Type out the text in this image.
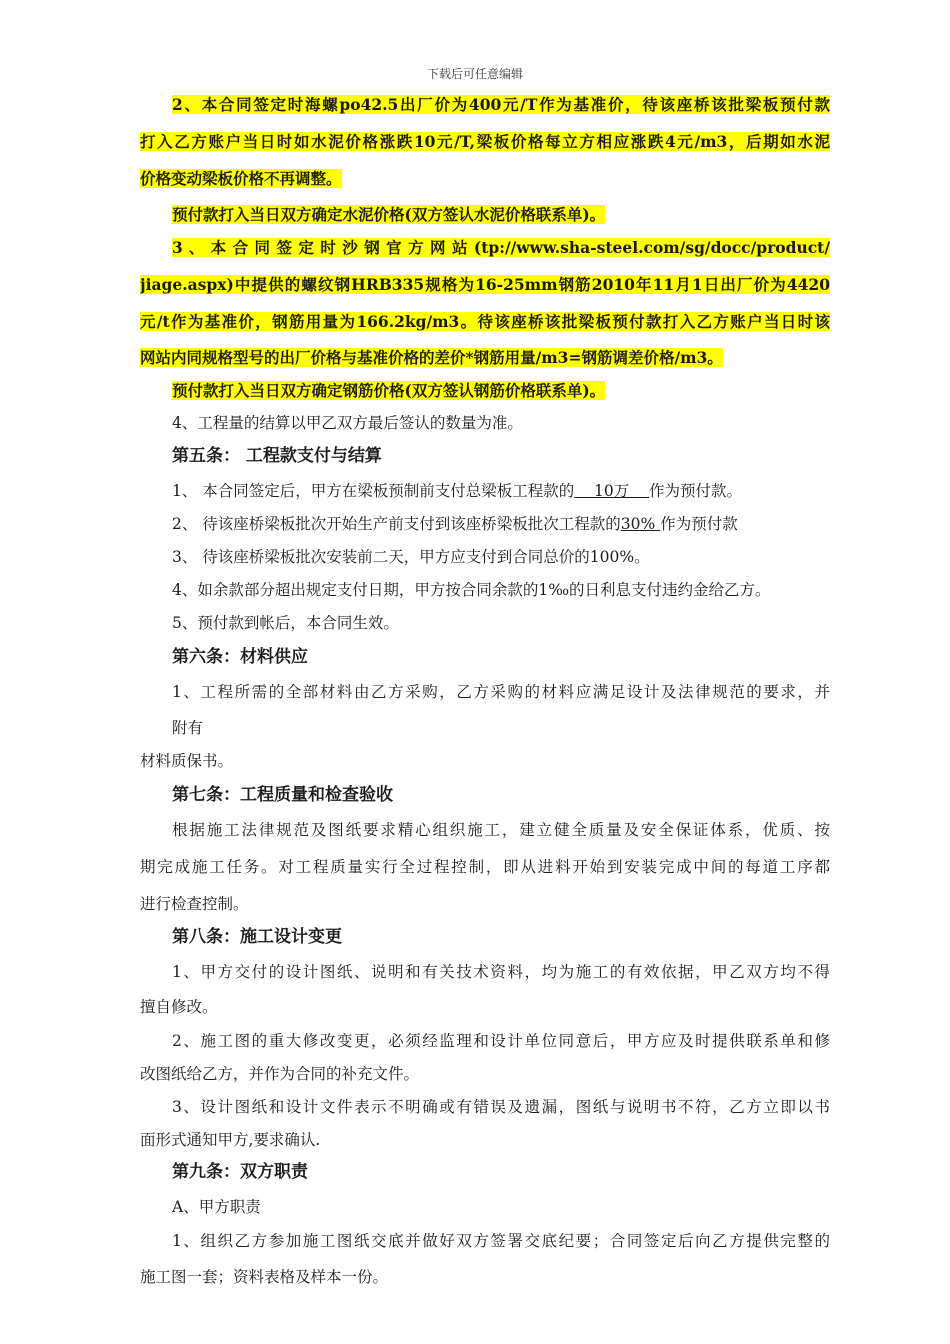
下载后可任意编辑
2、本合同签定时海螺po42.5出厂价为400元/T作为基准价，待该座桥该批梁板预付款
打入乙方账户当日时如水泥价格涨跌10元/T,梁板价格每立方相应涨跌4元/m3，后期如水泥
价格变动梁板价格不再调整。
预付款打入当日双方确定水泥价格(双方签认水泥价格联系单)。
3 、 本 合 同 签 定 时 沙 钢 官 方 网 站 (tp://www.sha-steel.com/sg/docc/product/
jiage.aspx)中提供的螺纹钢HRB335规格为16-25mm钢筋2010年11月1日出厂价为4420
元/t作为基准价，钢筋用量为166.2kg/m3。待该座桥该批梁板预付款打入乙方账户当日时该
网站内同规格型号的出厂价格与基准价格的差价*钢筋用量/m3=钢筋调差价格/m3。
预付款打入当日双方确定钢筋价格(双方签认钢筋价格联系单)。
4、工程量的结算以甲乙双方最后签认的数量为准。
第五条： 工程款支付与结算
1、 本合同签定后，甲方在梁板预制前支付总梁板工程款的    10万    作为预付款。
2、 待该座桥梁板批次开始生产前支付到该座桥梁板批次工程款的30% 作为预付款
3、 待该座桥梁板批次安装前二天，甲方应支付到合同总价的100%。
4、如余款部分超出规定支付日期，甲方按合同余款的1‰的日利息支付违约金给乙方。
5、预付款到帐后，本合同生效。
第六条：材料供应
1、工程所需的全部材料由乙方采购，乙方采购的材料应满足设计及法律规范的要求，并
附有
材料质保书。
第七条：工程质量和检查验收
根据施工法律规范及图纸要求精心组织施工，建立健全质量及安全保证体系，优质、按
期完成施工任务。对工程质量实行全过程控制，即从进料开始到安装完成中间的每道工序都
进行检查控制。
第八条：施工设计变更
1、甲方交付的设计图纸、说明和有关技术资料，均为施工的有效依据，甲乙双方均不得
擅自修改。
2、施工图的重大修改变更，必须经监理和设计单位同意后，甲方应及时提供联系单和修
改图纸给乙方，并作为合同的补充文件。
3、设计图纸和设计文件表示不明确或有错误及遗漏，图纸与说明书不符，乙方立即以书
面形式通知甲方,要求确认.
第九条：双方职责
A、甲方职责
1、组织乙方参加施工图纸交底并做好双方签署交底纪要；合同签定后向乙方提供完整的
施工图一套；资料表格及样本一份。
